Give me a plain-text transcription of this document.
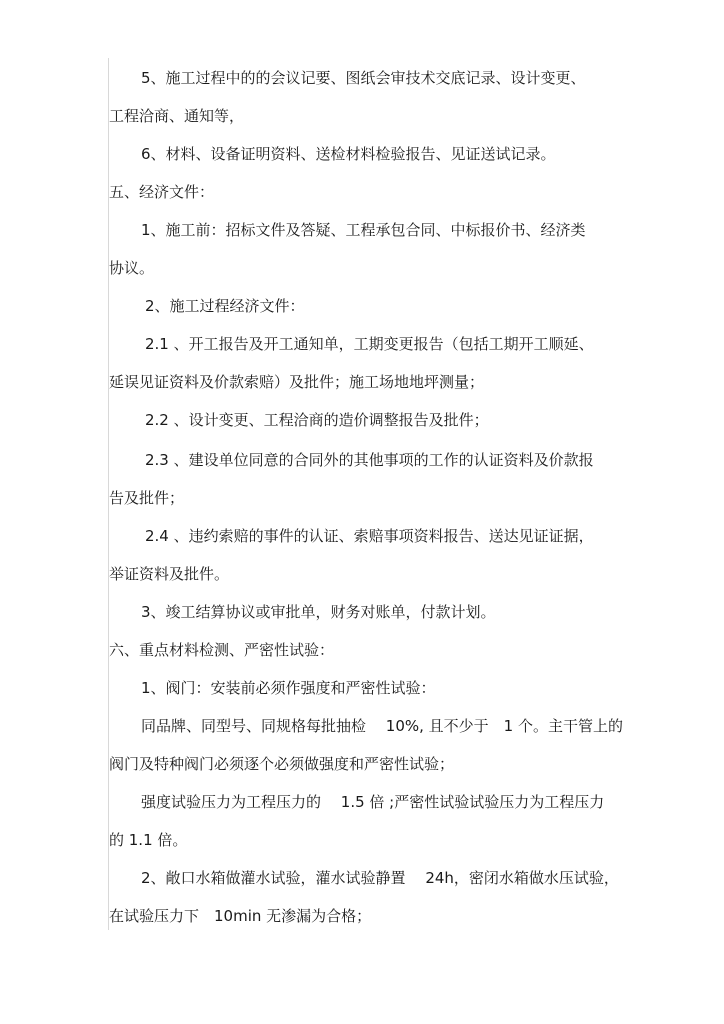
5、施工过程中的的会议记要、图纸会审技术交底记录、设计变更、
工程洽商、通知等，
6、材料、设备证明资料、送检材料检验报告、见证送试记录。
五、经济文件：
1、施工前：招标文件及答疑、工程承包合同、中标报价书、经济类
协议。
2、施工过程经济文件：
2.1 、开工报告及开工通知单，工期变更报告（包括工期开工顺延、
延误见证资料及价款索赔）及批件；施工场地地坪测量；
2.2 、设计变更、工程洽商的造价调整报告及批件；
2.3 、建设单位同意的合同外的其他事项的工作的认证资料及价款报
告及批件；
2.4 、违约索赔的事件的认证、索赔事项资料报告、送达见证证据，
举证资料及批件。
3、竣工结算协议或审批单，财务对账单，付款计划。
六、重点材料检测、严密性试验：
1、阀门：安装前必须作强度和严密性试验：
同品牌、同型号、同规格每批抽检　 10%, 且不少于　1 个。主干管上的
阀门及特种阀门必须逐个必须做强度和严密性试验；
强度试验压力为工程压力的　 1.5 倍 ;严密性试验试验压力为工程压力
的 1.1 倍。
2、敞口水箱做灌水试验，灌水试验静置　 24h，密闭水箱做水压试验，
在试验压力下　10min 无渗漏为合格；
